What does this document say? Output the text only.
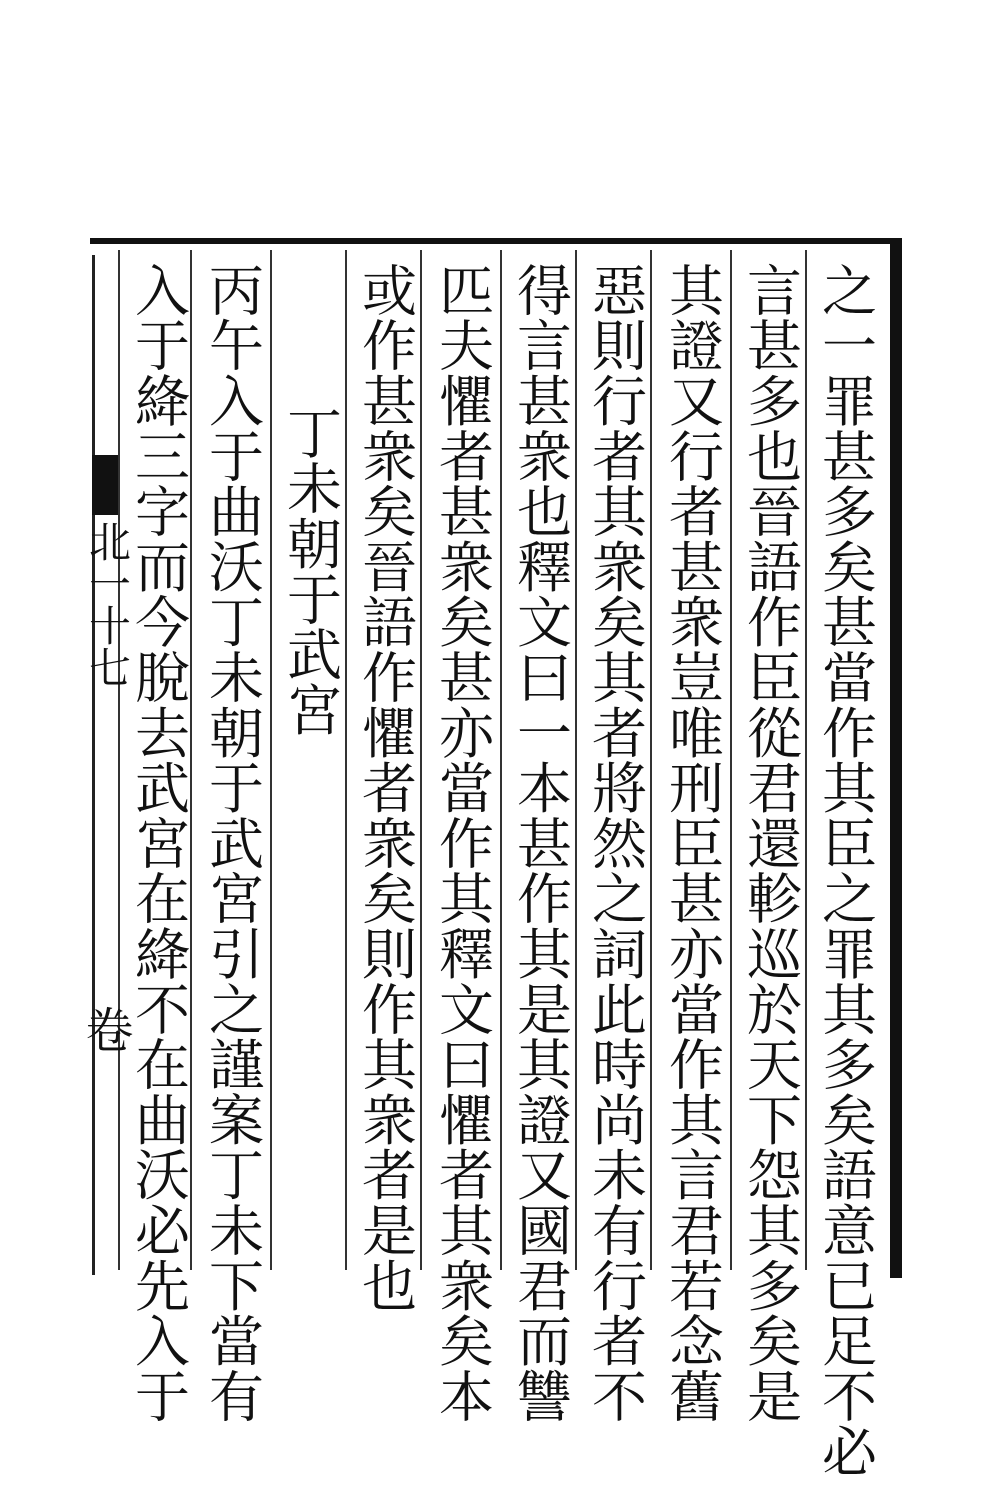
之一罪甚多矣甚當作其臣之罪其多矣語意已足不必
言甚多也晉語作臣從君還軫巡於天下怨其多矣是
其證又行者甚衆豈唯刑臣甚亦當作其言君若念舊
惡則行者其衆矣其者將然之詞此時尚未有行者不
得言甚衆也釋文曰一本甚作其是其證又國君而讐
匹夫懼者甚衆矣甚亦當作其釋文曰懼者其衆矣本
或作甚衆矣晉語作懼者衆矣則作其衆者是也
丁未朝于武宮
丙午入于曲沃丁未朝于武宮引之謹案丁未下當有
入于絳三字而今脫去武宮在絳不在曲沃必先入于
北一十七
卷
